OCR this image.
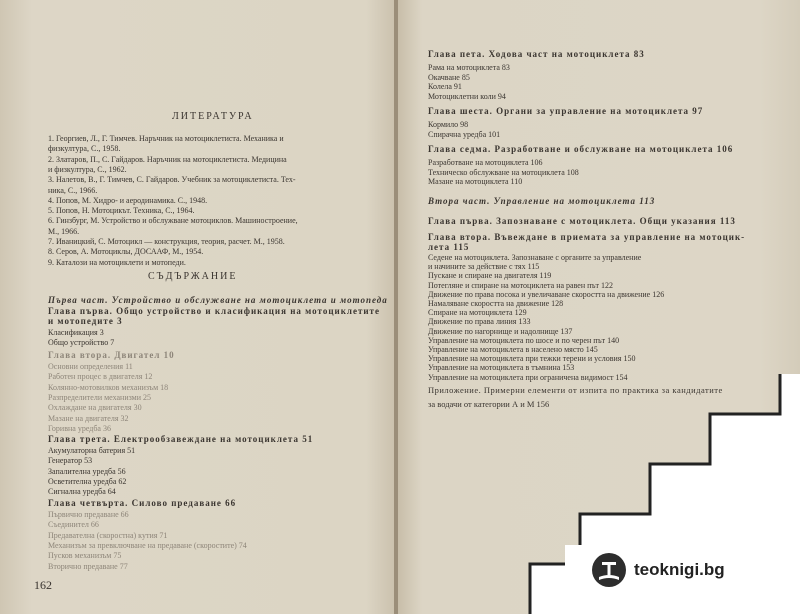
ЛИТЕРАТУРА
1. Георгиев, Л., Г. Тимчев. Наръчник на мотоциклетиста. Механика и
физкултура, С., 1958.
2. Златаров, П., С. Гайдаров. Наръчник на мотоциклетиста. Медицина
и физкултура, С., 1962.
3. Налетов, В., Г. Тимчев, С. Гайдаров. Учебник за мотоциклетиста. Тех-
ника, С., 1966.
4. Попов, М. Хидро- и аеродинамика. С., 1948.
5. Попов, Н. Мотоцикът. Техника, С., 1964.
6. Гинзбург, М. Устройство и обслужване мотоциклов. Машиностроение,
М., 1966.
7. Иваницкий, С. Мотоцикл — конструкция, теория, расчет. М., 1958.
8. Серов, А. Мотоциклы, ДОСААФ, М., 1954.
9. Каталози на мотоциклети и мотопеди.
СЪДЪРЖАНИЕ
Първа част. Устройство и обслужване на мотоциклета и мотопеда
Глава първа. Общо устройство и класификация на мотоциклетите
и мотопедите 3
Класификация 3
Общо устройство 7
Глава втора. Двигател 10
Основни определения 11
Работен процес в двигателя 12
Колянно-мотовилков механизъм 18
Разпределители механизми 25
Охлаждане на двигателя 30
Мазане на двигателя 32
Горивна уредба 36
Глава трета. Електрообзавеждане на мотоциклета 51
Акумулаторна батерия 51
Генератор 53
Запалителна уредба 56
Осветителна уредба 62
Сигнална уредба 64
Глава четвърта. Силово предаване 66
Първично предаване 66
Съединител 66
Предавателна (скоростна) кутия 71
Механизъм за превключване на предаване (скоростите) 74
Пусков механизъм 75
Вторично предаване 77
162
Глава пета. Ходова част на мотоциклета 83
Рама на мотоциклета 83
Окачване 85
Колела 91
Мотоциклетни коли 94
Глава шеста. Органи за управление на мотоциклета 97
Кормило 98
Спирачна уредба 101
Глава седма. Разработване и обслужване на мотоциклета 106
Разработване на мотоциклета 106
Техническо обслужване на мотоциклета 108
Мазане на мотоциклета 110
Втора част. Управление на мотоциклета 113
Глава първа. Запознаване с мотоциклета. Общи указания 113
Глава втора. Въвеждане в приемата за управление на мотоцик-
лета 115
Седене на мотоциклета. Запознаване с органите за управление
и начините за действие с тях 115
Пускане и спиране на двигателя 119
Потегляне и спиране на мотоциклета на равен път 122
Движение по права посока и увеличаване скоростта на движение 126
Намаляване скоростта на движение 128
Спиране на мотоциклета 129
Движение по права линия 133
Движение по нагорнище и надолнище 137
Управление на мотоциклета по шосе и по черен път 140
Управление на мотоциклета в населено място 145
Управление на мотоциклета при тежки терени и условия 150
Управление на мотоциклета в тъмнина 153
Управление на мотоциклета при ограничена видимост 154
Приложение. Примерни елементи от изпита по практика за кандидатите
за водачи от категории А и М 156
teoknigi.bg
